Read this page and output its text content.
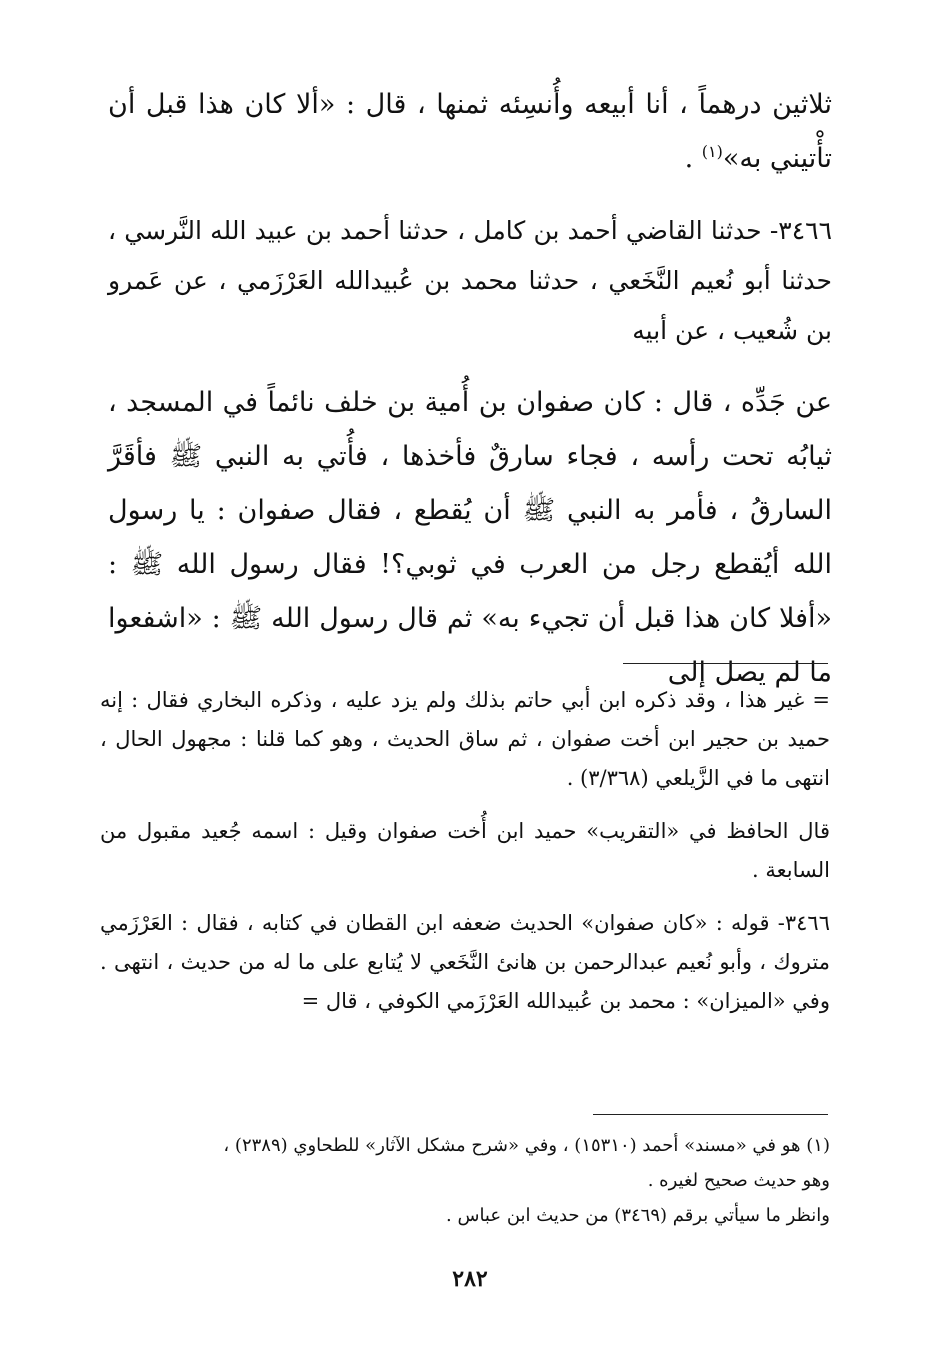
ثلاثين درهماً ، أنا أبيعه وأُنسِئه ثمنها ، قال : «ألا كان هذا قبل أن تأْتيني به»$^{(١)}$ .

٣٤٦٦- حدثنا القاضي أحمد بن كامل ، حدثنا أحمد بن عبيد الله النَّرسي ، حدثنا أبو نُعيم النَّخَعي ، حدثنا محمد بن عُبيدالله العَرْزَمي ، عن عَمرو بن شُعيب ، عن أبيه

عن جَدِّه ، قال : كان صفوان بن أُمية بن خلف نائماً في المسجد ، ثيابُه تحت رأسه ، فجاء سارقٌ فأخذها ، فأُتي به النبي ﷺ فأقَرَّ السارقُ ، فأمر به النبي ﷺ أن يُقطع ، فقال صفوان : يا رسول الله أيُقطع رجل من العرب في ثوبي؟! فقال رسول الله ﷺ : «أفلا كان هذا قبل أن تجيء به» ثم قال رسول الله ﷺ : «اشفعوا ما لم يصل إلى

= غير هذا ، وقد ذكره ابن أبي حاتم بذلك ولم يزد عليه ، وذكره البخاري فقال : إنه حميد بن حجير ابن أخت صفوان ، ثم ساق الحديث ، وهو كما قلنا : مجهول الحال ، انتهى ما في الزَّيلعي (٣/٣٦٨) .

قال الحافظ في «التقريب» حميد ابن أُخت صفوان وقيل : اسمه جُعيد مقبول من السابعة .

٣٤٦٦- قوله : «كان صفوان» الحديث ضعفه ابن القطان في كتابه ، فقال : العَرْزَمي متروك ، وأبو نُعيم عبدالرحمن بن هانئ النَّخَعي لا يُتابع على ما له من حديث ، انتهى . وفي «الميزان» : محمد بن عُبيدالله العَرْزَمي الكوفي ، قال =

(١) هو في «مسند» أحمد (١٥٣١٠) ، وفي «شرح مشكل الآثار» للطحاوي (٢٣٨٩) ،

وهو حديث صحيح لغيره .

وانظر ما سيأتي برقم (٣٤٦٩) من حديث ابن عباس .

٢٨٢
